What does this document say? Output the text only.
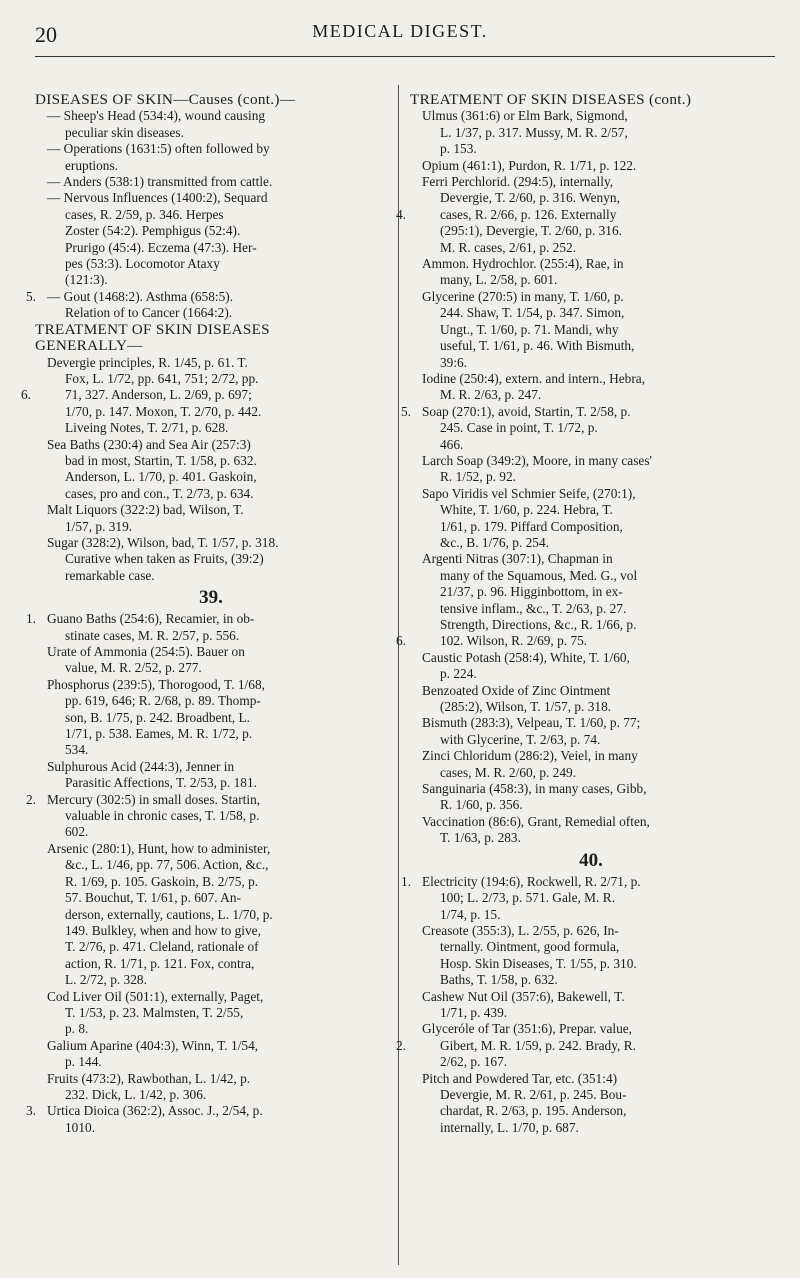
20	MEDICAL DIGEST.
DISEASES OF SKIN—Causes (cont.)—
— Sheep's Head (534:4), wound causing
peculiar skin diseases.
— Operations (1631:5) often followed by
eruptions.
— Anders (538:1) transmitted from cattle.
— Nervous Influences (1400:2), Sequard
cases, R. 2/59, p. 346. Herpes
Zoster (54:2). Pemphigus (52:4).
Prurigo (45:4). Eczema (47:3). Her-
pes (53:3). Locomotor Ataxy
(121:3).
5. — Gout (1468:2). Asthma (658:5).
Relation of to Cancer (1664:2).
TREATMENT OF SKIN DISEASES
GENERALLY—
Devergie principles, R. 1/45, p. 61. T.
Fox, L. 1/72, pp. 641, 751; 2/72, pp.
6.	71, 327. Anderson, L. 2/69, p. 697;
1/70, p. 147. Moxon, T. 2/70, p. 442.
Liveing Notes, T. 2/71, p. 628.
Sea Baths (230:4) and Sea Air (257:3)
bad in most, Startin, T. 1/58, p. 632.
Anderson, L. 1/70, p. 401. Gaskoin,
cases, pro and con., T. 2/73, p. 634.
Malt Liquors (322:2) bad, Wilson, T.
1/57, p. 319.
Sugar (328:2), Wilson, bad, T. 1/57, p. 318.
Curative when taken as Fruits, (39:2)
remarkable case.
39.
1. Guano Baths (254:6), Recamier, in ob-
stinate cases, M. R. 2/57, p. 556.
Urate of Ammonia (254:5). Bauer on
value, M. R. 2/52, p. 277.
Phosphorus (239:5), Thorogood, T. 1/68,
pp. 619, 646; R. 2/68, p. 89. Thomp-
son, B. 1/75, p. 242. Broadbent, L.
1/71, p. 538. Eames, M. R. 1/72, p.
534.
Sulphurous Acid (244:3), Jenner in
Parasitic Affections, T. 2/53, p. 181.
2. Mercury (302:5) in small doses. Startin,
valuable in chronic cases, T. 1/58, p.
602.
Arsenic (280:1), Hunt, how to administer,
&c., L. 1/46, pp. 77, 506. Action, &c.,
R. 1/69, p. 105. Gaskoin, B. 2/75, p.
57. Bouchut, T. 1/61, p. 607. An-
derson, externally, cautions, L. 1/70, p.
149. Bulkley, when and how to give,
T. 2/76, p. 471. Cleland, rationale of
action, R. 1/71, p. 121. Fox, contra,
L. 2/72, p. 328.
Cod Liver Oil (501:1), externally, Paget,
T. 1/53, p. 23. Malmsten, T. 2/55,
p. 8.
Galium Aparine (404:3), Winn, T. 1/54,
p. 144.
Fruits (473:2), Rawbothan, L. 1/42, p.
232. Dick, L. 1/42, p. 306.
3. Urtica Dioica (362:2), Assoc. J., 2/54, p.
1010.
TREATMENT OF SKIN DISEASES (cont.)
Ulmus (361:6) or Elm Bark, Sigmond,
L. 1/37, p. 317. Mussy, M. R. 2/57,
p. 153.
Opium (461:1), Purdon, R. 1/71, p. 122.
Ferri Perchlorid. (294:5), internally,
Devergie, T. 2/60, p. 316. Wenyn,
4.	cases, R. 2/66, p. 126. Externally
(295:1), Devergie, T. 2/60, p. 316.
M. R. cases, 2/61, p. 252.
Ammon. Hydrochlor. (255:4), Rae, in
many, L. 2/58, p. 601.
Glycerine (270:5) in many, T. 1/60, p.
244. Shaw, T. 1/54, p. 347. Simon,
Ungt., T. 1/60, p. 71. Mandi, why
useful, T. 1/61, p. 46. With Bismuth,
39:6.
Iodine (250:4), extern. and intern., Hebra,
M. R. 2/63, p. 247.
5. Soap (270:1), avoid, Startin, T. 2/58, p.
245. Case in point, T. 1/72, p.
466.
Larch Soap (349:2), Moore, in many cases'
R. 1/52, p. 92.
Sapo Viridis vel Schmier Seife, (270:1),
White, T. 1/60, p. 224. Hebra, T.
1/61, p. 179. Piffard Composition,
&c., B. 1/76, p. 254.
Argenti Nitras (307:1), Chapman in
many of the Squamous, Med. G., vol
21/37, p. 96. Higginbottom, in ex-
tensive inflam., &c., T. 2/63, p. 27.
Strength, Directions, &c., R. 1/66, p.
6.	102. Wilson, R. 2/69, p. 75.
Caustic Potash (258:4), White, T. 1/60,
p. 224.
Benzoated Oxide of Zinc Ointment
(285:2), Wilson, T. 1/57, p. 318.
Bismuth (283:3), Velpeau, T. 1/60, p. 77;
with Glycerine, T. 2/63, p. 74.
Zinci Chloridum (286:2), Veiel, in many
cases, M. R. 2/60, p. 249.
Sanguinaria (458:3), in many cases, Gibb,
R. 1/60, p. 356.
Vaccination (86:6), Grant, Remedial often,
T. 1/63, p. 283.
40.
1. Electricity (194:6), Rockwell, R. 2/71, p.
100; L. 2/73, p. 571. Gale, M. R.
1/74, p. 15.
Creasote (355:3), L. 2/55, p. 626, In-
ternally. Ointment, good formula,
Hosp. Skin Diseases, T. 1/55, p. 310.
Baths, T. 1/58, p. 632.
Cashew Nut Oil (357:6), Bakewell, T.
1/71, p. 439.
Glyceróle of Tar (351:6), Prepar. value,
2.	Gibert, M. R. 1/59, p. 242. Brady, R.
2/62, p. 167.
Pitch and Powdered Tar, etc. (351:4)
Devergie, M. R. 2/61, p. 245. Bou-
chardat, R. 2/63, p. 195. Anderson,
internally, L. 1/70, p. 687.
